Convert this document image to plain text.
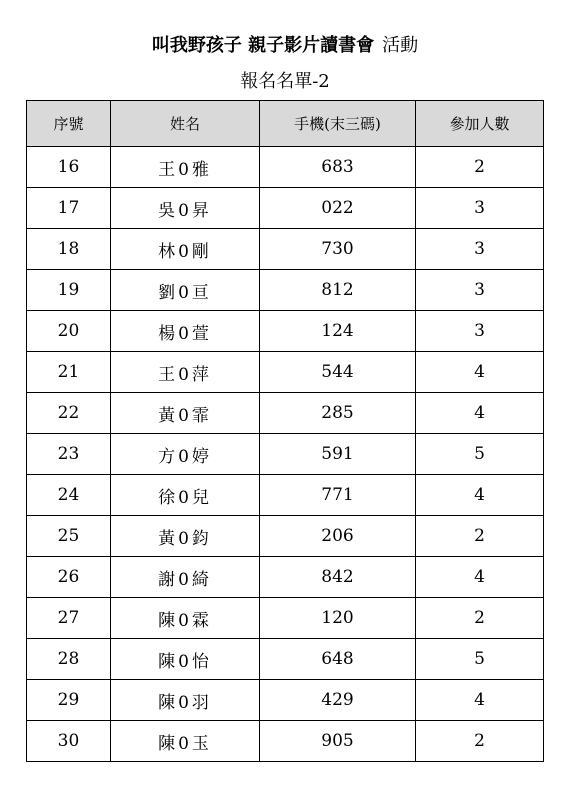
叫我野孩子 親子影片讀書會 活動
報名名單-2
序號	姓名	手機(末三碼)	參加人數
16	王0雅	683	2
17	吳0昇	022	3
18	林0剛	730	3
19	劉0亘	812	3
20	楊0萱	124	3
21	王0萍	544	4
22	黃0霏	285	4
23	方0婷	591	5
24	徐0兒	771	4
25	黃0鈞	206	2
26	謝0綺	842	4
27	陳0霖	120	2
28	陳0怡	648	5
29	陳0羽	429	4
30	陳0玉	905	2
